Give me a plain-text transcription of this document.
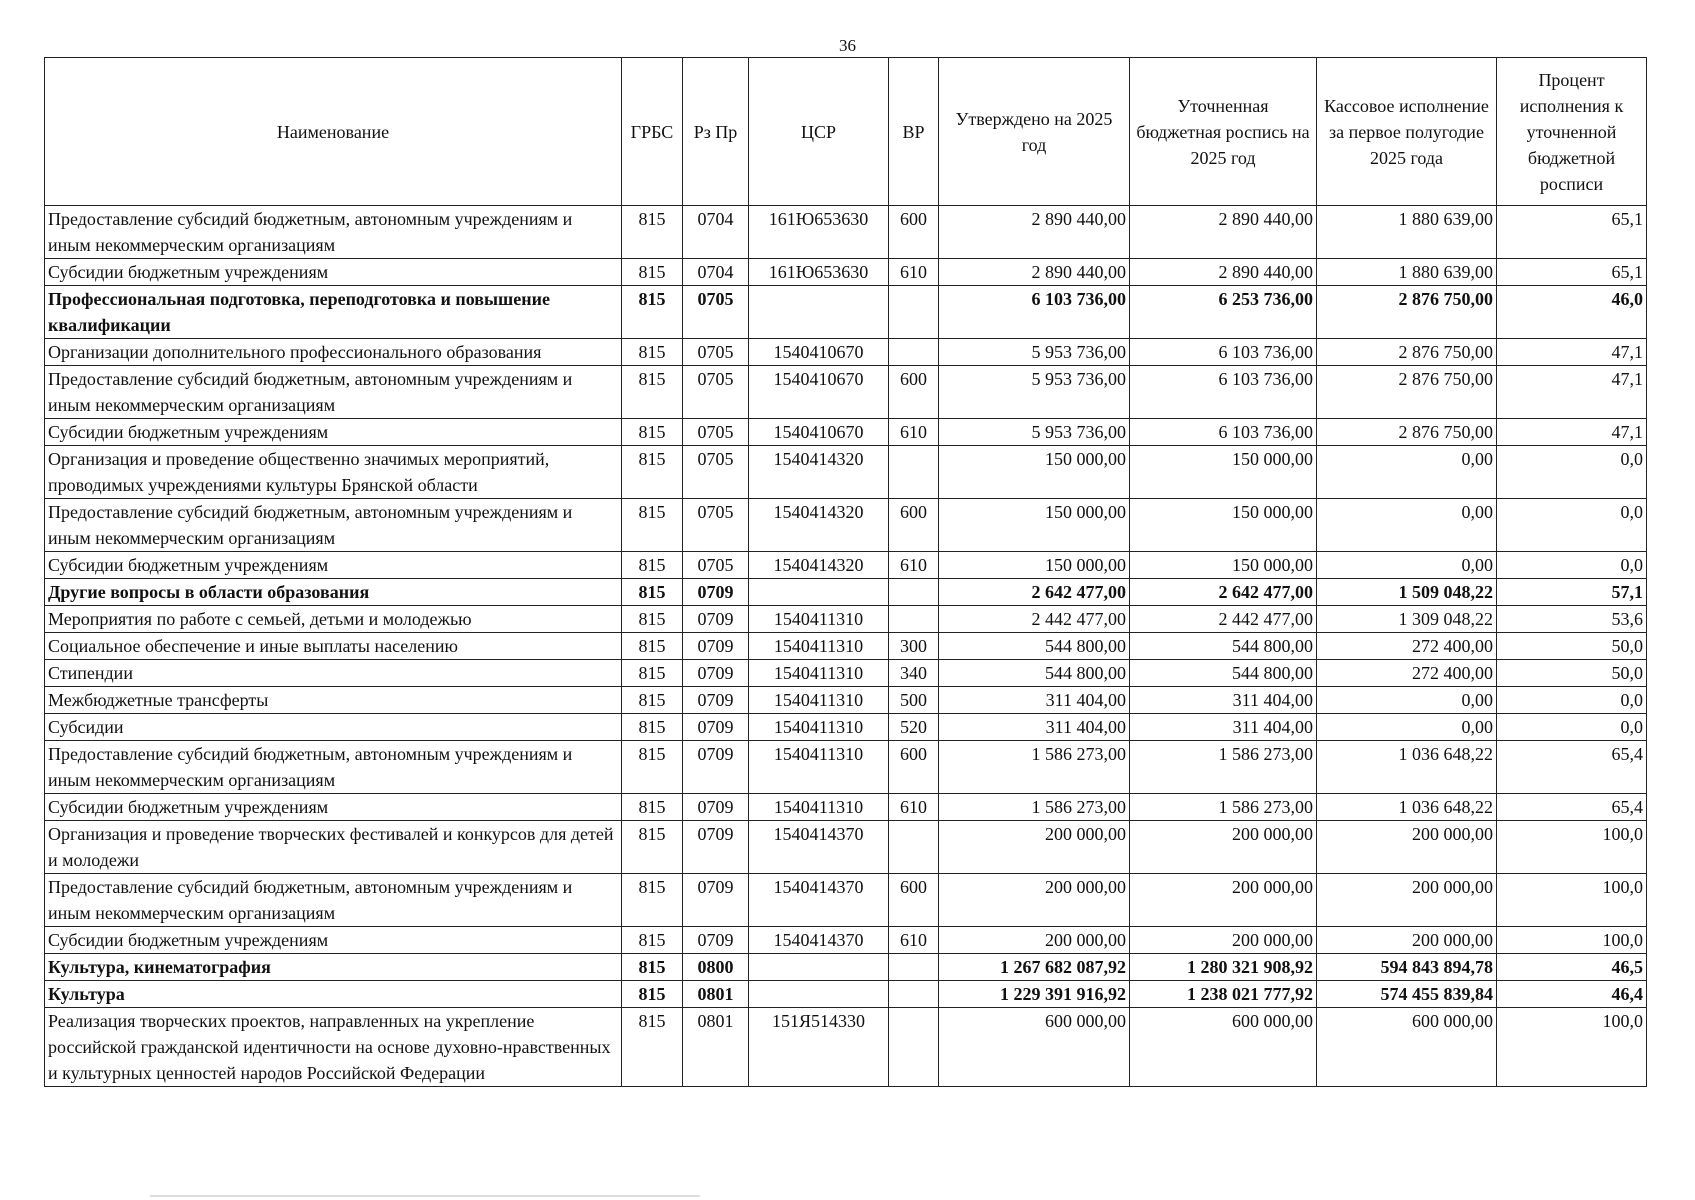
36
Наименование	ГРБС	Рз Пр	ЦСР	ВР	Утверждено на 2025 год	Уточненная бюджетная роспись на 2025 год	Кассовое исполнение за первое полугодие 2025 года	Процент исполнения к уточненной бюджетной росписи
Предоставление субсидий бюджетным, автономным учреждениям и иным некоммерческим организациям	815	0704	161Ю653630	600	2 890 440,00	2 890 440,00	1 880 639,00	65,1
Субсидии бюджетным учреждениям	815	0704	161Ю653630	610	2 890 440,00	2 890 440,00	1 880 639,00	65,1
Профессиональная подготовка, переподготовка и повышение квалификации	815	0705			6 103 736,00	6 253 736,00	2 876 750,00	46,0
Организации дополнительного профессионального образования	815	0705	1540410670		5 953 736,00	6 103 736,00	2 876 750,00	47,1
Предоставление субсидий бюджетным, автономным учреждениям и иным некоммерческим организациям	815	0705	1540410670	600	5 953 736,00	6 103 736,00	2 876 750,00	47,1
Субсидии бюджетным учреждениям	815	0705	1540410670	610	5 953 736,00	6 103 736,00	2 876 750,00	47,1
Организация и проведение общественно значимых мероприятий, проводимых учреждениями культуры Брянской области	815	0705	1540414320		150 000,00	150 000,00	0,00	0,0
Предоставление субсидий бюджетным, автономным учреждениям и иным некоммерческим организациям	815	0705	1540414320	600	150 000,00	150 000,00	0,00	0,0
Субсидии бюджетным учреждениям	815	0705	1540414320	610	150 000,00	150 000,00	0,00	0,0
Другие вопросы в области образования	815	0709			2 642 477,00	2 642 477,00	1 509 048,22	57,1
Мероприятия по работе с семьей, детьми и молодежью	815	0709	1540411310		2 442 477,00	2 442 477,00	1 309 048,22	53,6
Социальное обеспечение и иные выплаты населению	815	0709	1540411310	300	544 800,00	544 800,00	272 400,00	50,0
Стипендии	815	0709	1540411310	340	544 800,00	544 800,00	272 400,00	50,0
Межбюджетные трансферты	815	0709	1540411310	500	311 404,00	311 404,00	0,00	0,0
Субсидии	815	0709	1540411310	520	311 404,00	311 404,00	0,00	0,0
Предоставление субсидий бюджетным, автономным учреждениям и иным некоммерческим организациям	815	0709	1540411310	600	1 586 273,00	1 586 273,00	1 036 648,22	65,4
Субсидии бюджетным учреждениям	815	0709	1540411310	610	1 586 273,00	1 586 273,00	1 036 648,22	65,4
Организация и проведение творческих фестивалей и конкурсов для детей и молодежи	815	0709	1540414370		200 000,00	200 000,00	200 000,00	100,0
Предоставление субсидий бюджетным, автономным учреждениям и иным некоммерческим организациям	815	0709	1540414370	600	200 000,00	200 000,00	200 000,00	100,0
Субсидии бюджетным учреждениям	815	0709	1540414370	610	200 000,00	200 000,00	200 000,00	100,0
Культура, кинематография	815	0800			1 267 682 087,92	1 280 321 908,92	594 843 894,78	46,5
Культура	815	0801			1 229 391 916,92	1 238 021 777,92	574 455 839,84	46,4
Реализация творческих проектов, направленных на укрепление российской гражданской идентичности на основе духовно-нравственных и культурных ценностей народов Российской Федерации	815	0801	151Я514330		600 000,00	600 000,00	600 000,00	100,0
